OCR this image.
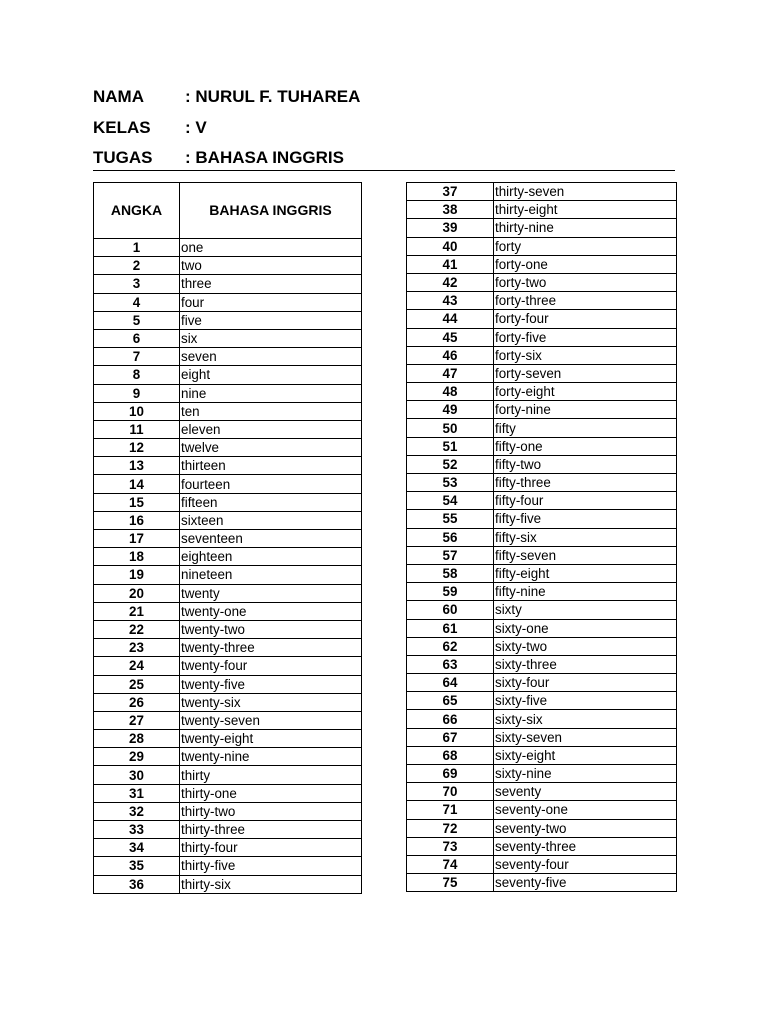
NAMA : NURUL F. TUHAREA
KELAS : V
TUGAS : BAHASA INGGRIS
ANGKA	BAHASA INGGRIS
1	one
2	two
3	three
4	four
5	five
6	six
7	seven
8	eight
9	nine
10	ten
11	eleven
12	twelve
13	thirteen
14	fourteen
15	fifteen
16	sixteen
17	seventeen
18	eighteen
19	nineteen
20	twenty
21	twenty-one
22	twenty-two
23	twenty-three
24	twenty-four
25	twenty-five
26	twenty-six
27	twenty-seven
28	twenty-eight
29	twenty-nine
30	thirty
31	thirty-one
32	thirty-two
33	thirty-three
34	thirty-four
35	thirty-five
36	thirty-six
37	thirty-seven
38	thirty-eight
39	thirty-nine
40	forty
41	forty-one
42	forty-two
43	forty-three
44	forty-four
45	forty-five
46	forty-six
47	forty-seven
48	forty-eight
49	forty-nine
50	fifty
51	fifty-one
52	fifty-two
53	fifty-three
54	fifty-four
55	fifty-five
56	fifty-six
57	fifty-seven
58	fifty-eight
59	fifty-nine
60	sixty
61	sixty-one
62	sixty-two
63	sixty-three
64	sixty-four
65	sixty-five
66	sixty-six
67	sixty-seven
68	sixty-eight
69	sixty-nine
70	seventy
71	seventy-one
72	seventy-two
73	seventy-three
74	seventy-four
75	seventy-five
